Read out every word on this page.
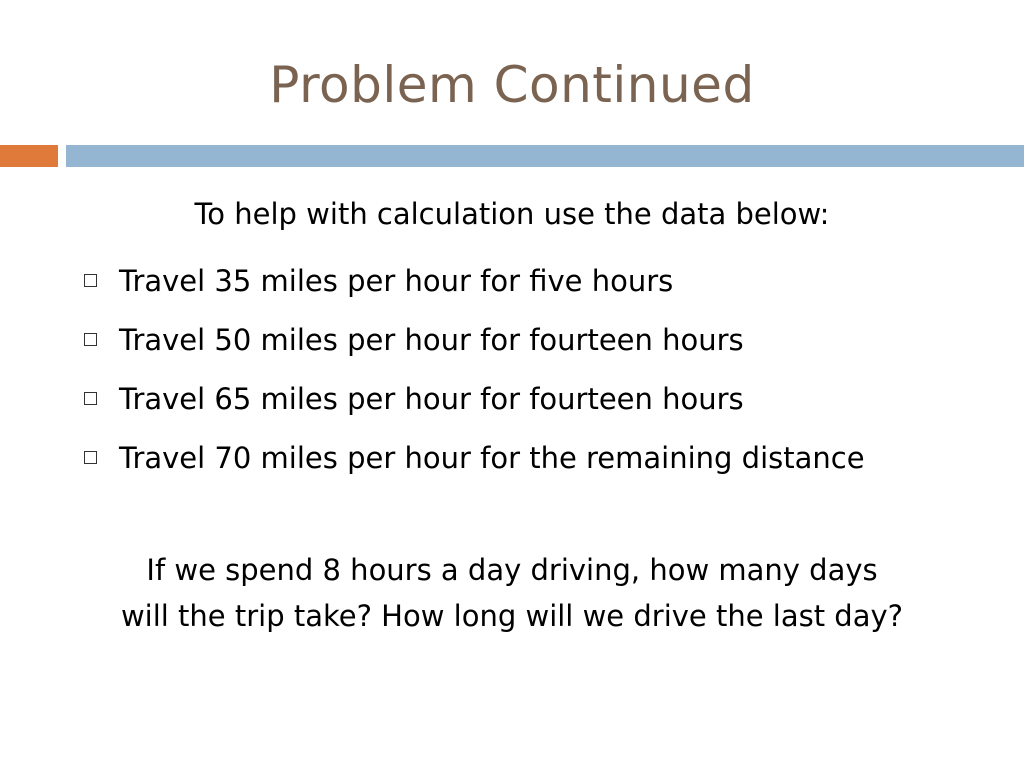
Problem Continued
To help with calculation use the data below:
Travel 35 miles per hour for five hours
Travel 50 miles per hour for fourteen hours
Travel 65 miles per hour for fourteen hours
Travel 70 miles per hour for the remaining distance
If we spend 8 hours a day driving, how many days
will the trip take? How long will we drive the last day?
